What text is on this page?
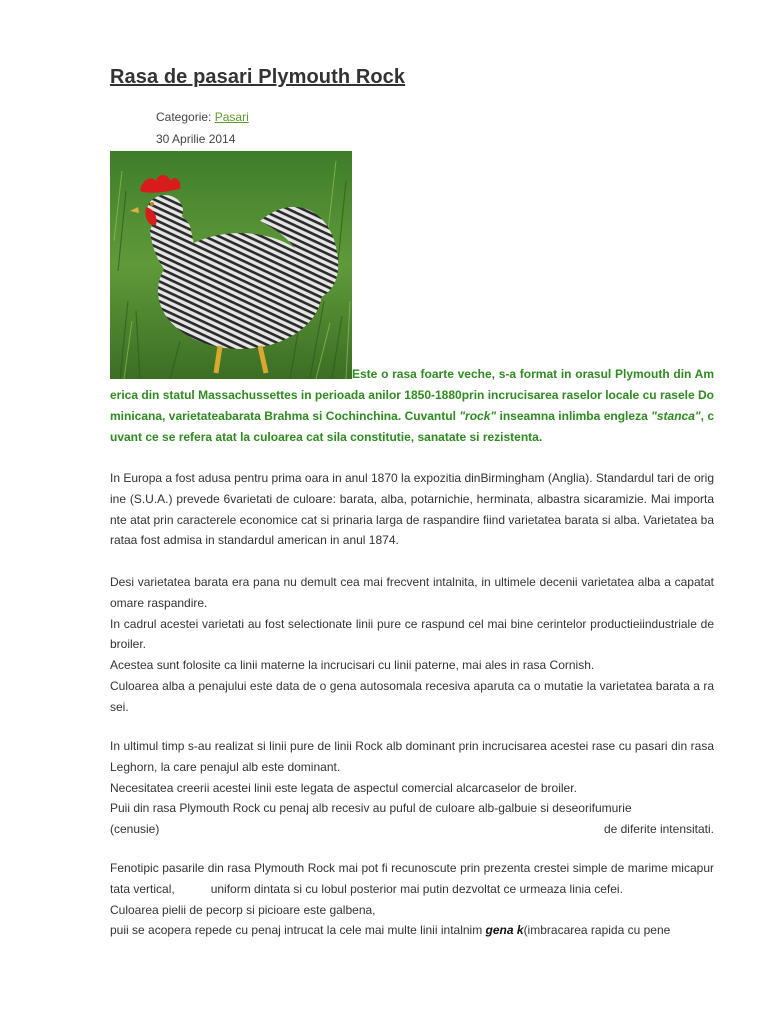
Rasa de pasari Plymouth Rock
Categorie: Pasari
30 Aprilie 2014
Este o rasa foarte veche, s-a format in orasul Plymouth din America din statul Massachussettes in perioada anilor 1850-1880prin incrucisarea raselor locale cu rasele Dominicana, varietateabarata Brahma si Cochinchina. Cuvantul "rock" inseamna inlimba engleza "stanca", cuvant ce se refera atat la culoarea cat sila constitutie, sanatate si rezistenta.
In Europa a fost adusa pentru prima oara in anul 1870 la expozitia dinBirmingham (Anglia). Standardul tari de origine (S.U.A.) prevede 6varietati de culoare: barata, alba, potarnichie, herminata, albastra sicaramizie. Mai importante atat prin caracterele economice cat si prinaria larga de raspandire fiind varietatea barata si alba. Varietatea barataa fost admisa in standardul american in anul 1874.
Desi varietatea barata era pana nu demult cea mai frecvent intalnita, in ultimele decenii varietatea alba a capatat omare raspandire.
In cadrul acestei varietati au fost selectionate linii pure ce raspund cel mai bine cerintelor productieiindustriale de broiler.
Acestea sunt folosite ca linii materne la incrucisari cu linii paterne, mai ales in rasa Cornish.
Culoarea alba a penajului este data de o gena autosomala recesiva aparuta ca o mutatie la varietatea barata a rasei.
In ultimul timp s-au realizat si linii pure de linii Rock alb dominant prin incrucisarea acestei rase cu pasari din rasaLeghorn, la care penajul alb este dominant.
Necesitatea creerii acestei linii este legata de aspectul comercial alcarcaselor de broiler.
Puii din rasa Plymouth Rock cu penaj alb recesiv au puful de culoare alb-galbuie si deseorifumurie
(cenusie)	de diferite intensitati.
Fenotipic pasarile din rasa Plymouth Rock mai pot fi recunoscute prin prezenta crestei simple de marime micapurtata vertical,	uniform dintata si cu lobul posterior mai putin dezvoltat ce urmeaza linia cefei.
Culoarea pielii de pecorp si picioare este galbena,
puii se acopera repede cu penaj intrucat la cele mai multe linii intalnim gena k(imbracarea rapida cu pene
